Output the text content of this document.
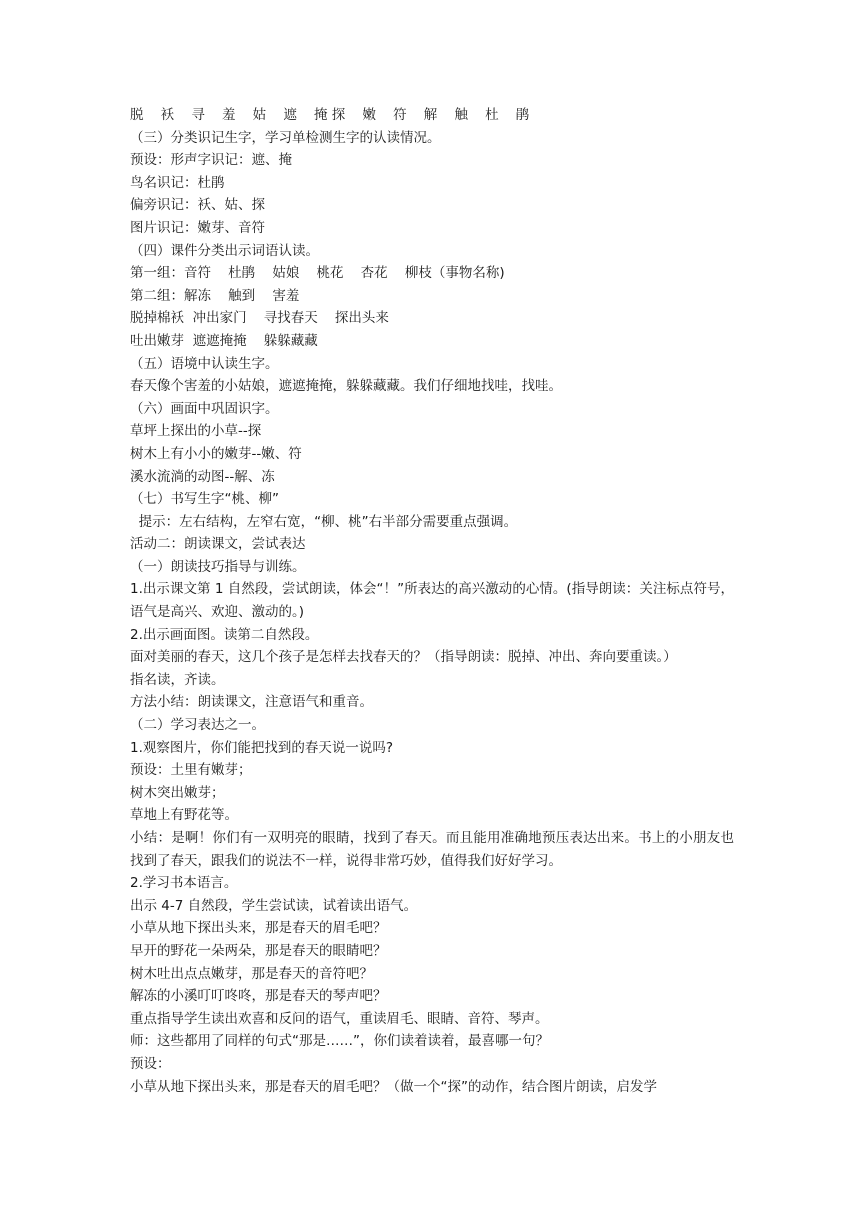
脱    袄    寻    羞    姑    遮    掩 探    嫩    符    解    触    杜    鹃
（三）分类识记生字，学习单检测生字的认读情况。
预设：形声字识记：遮、掩
鸟名识记：杜鹃
偏旁识记：袄、姑、探
图片识记：嫩芽、音符
（四）课件分类出示词语认读。
第一组：音符    杜鹃    姑娘    桃花    杏花    柳枝（事物名称)
第二组：解冻    触到    害羞
脱掉棉袄  冲出家门    寻找春天    探出头来
吐出嫩芽  遮遮掩掩    躲躲藏藏
（五）语境中认读生字。
春天像个害羞的小姑娘，遮遮掩掩，躲躲藏藏。我们仔细地找哇，找哇。
（六）画面中巩固识字。
草坪上探出的小草--探
树木上有小小的嫩芽--嫩、符
溪水流淌的动图--解、冻
（七）书写生字“桃、柳”
提示：左右结构，左窄右宽，“柳、桃”右半部分需要重点强调。
活动二：朗读课文，尝试表达
（一）朗读技巧指导与训练。
1.出示课文第 1 自然段，尝试朗读，体会“！”所表达的高兴激动的心情。(指导朗读：关注标点符号，语气是高兴、欢迎、激动的。)
2.出示画面图。读第二自然段。
面对美丽的春天，这几个孩子是怎样去找春天的？（指导朗读：脱掉、冲出、奔向要重读。）
指名读，齐读。
方法小结：朗读课文，注意语气和重音。
（二）学习表达之一。
1.观察图片，你们能把找到的春天说一说吗?
预设：土里有嫩芽；
树木突出嫩芽；
草地上有野花等。
小结：是啊！你们有一双明亮的眼睛，找到了春天。而且能用准确地预压表达出来。书上的小朋友也找到了春天，跟我们的说法不一样，说得非常巧妙，值得我们好好学习。
2.学习书本语言。
出示 4-7 自然段，学生尝试读，试着读出语气。
小草从地下探出头来，那是春天的眉毛吧？
早开的野花一朵两朵，那是春天的眼睛吧？
树木吐出点点嫩芽，那是春天的音符吧？
解冻的小溪叮叮咚咚，那是春天的琴声吧？
重点指导学生读出欢喜和反问的语气，重读眉毛、眼睛、音符、琴声。
师：这些都用了同样的句式“那是……”，你们读着读着，最喜哪一句？
预设：
小草从地下探出头来，那是春天的眉毛吧？（做一个“探”的动作，结合图片朗读，启发学
